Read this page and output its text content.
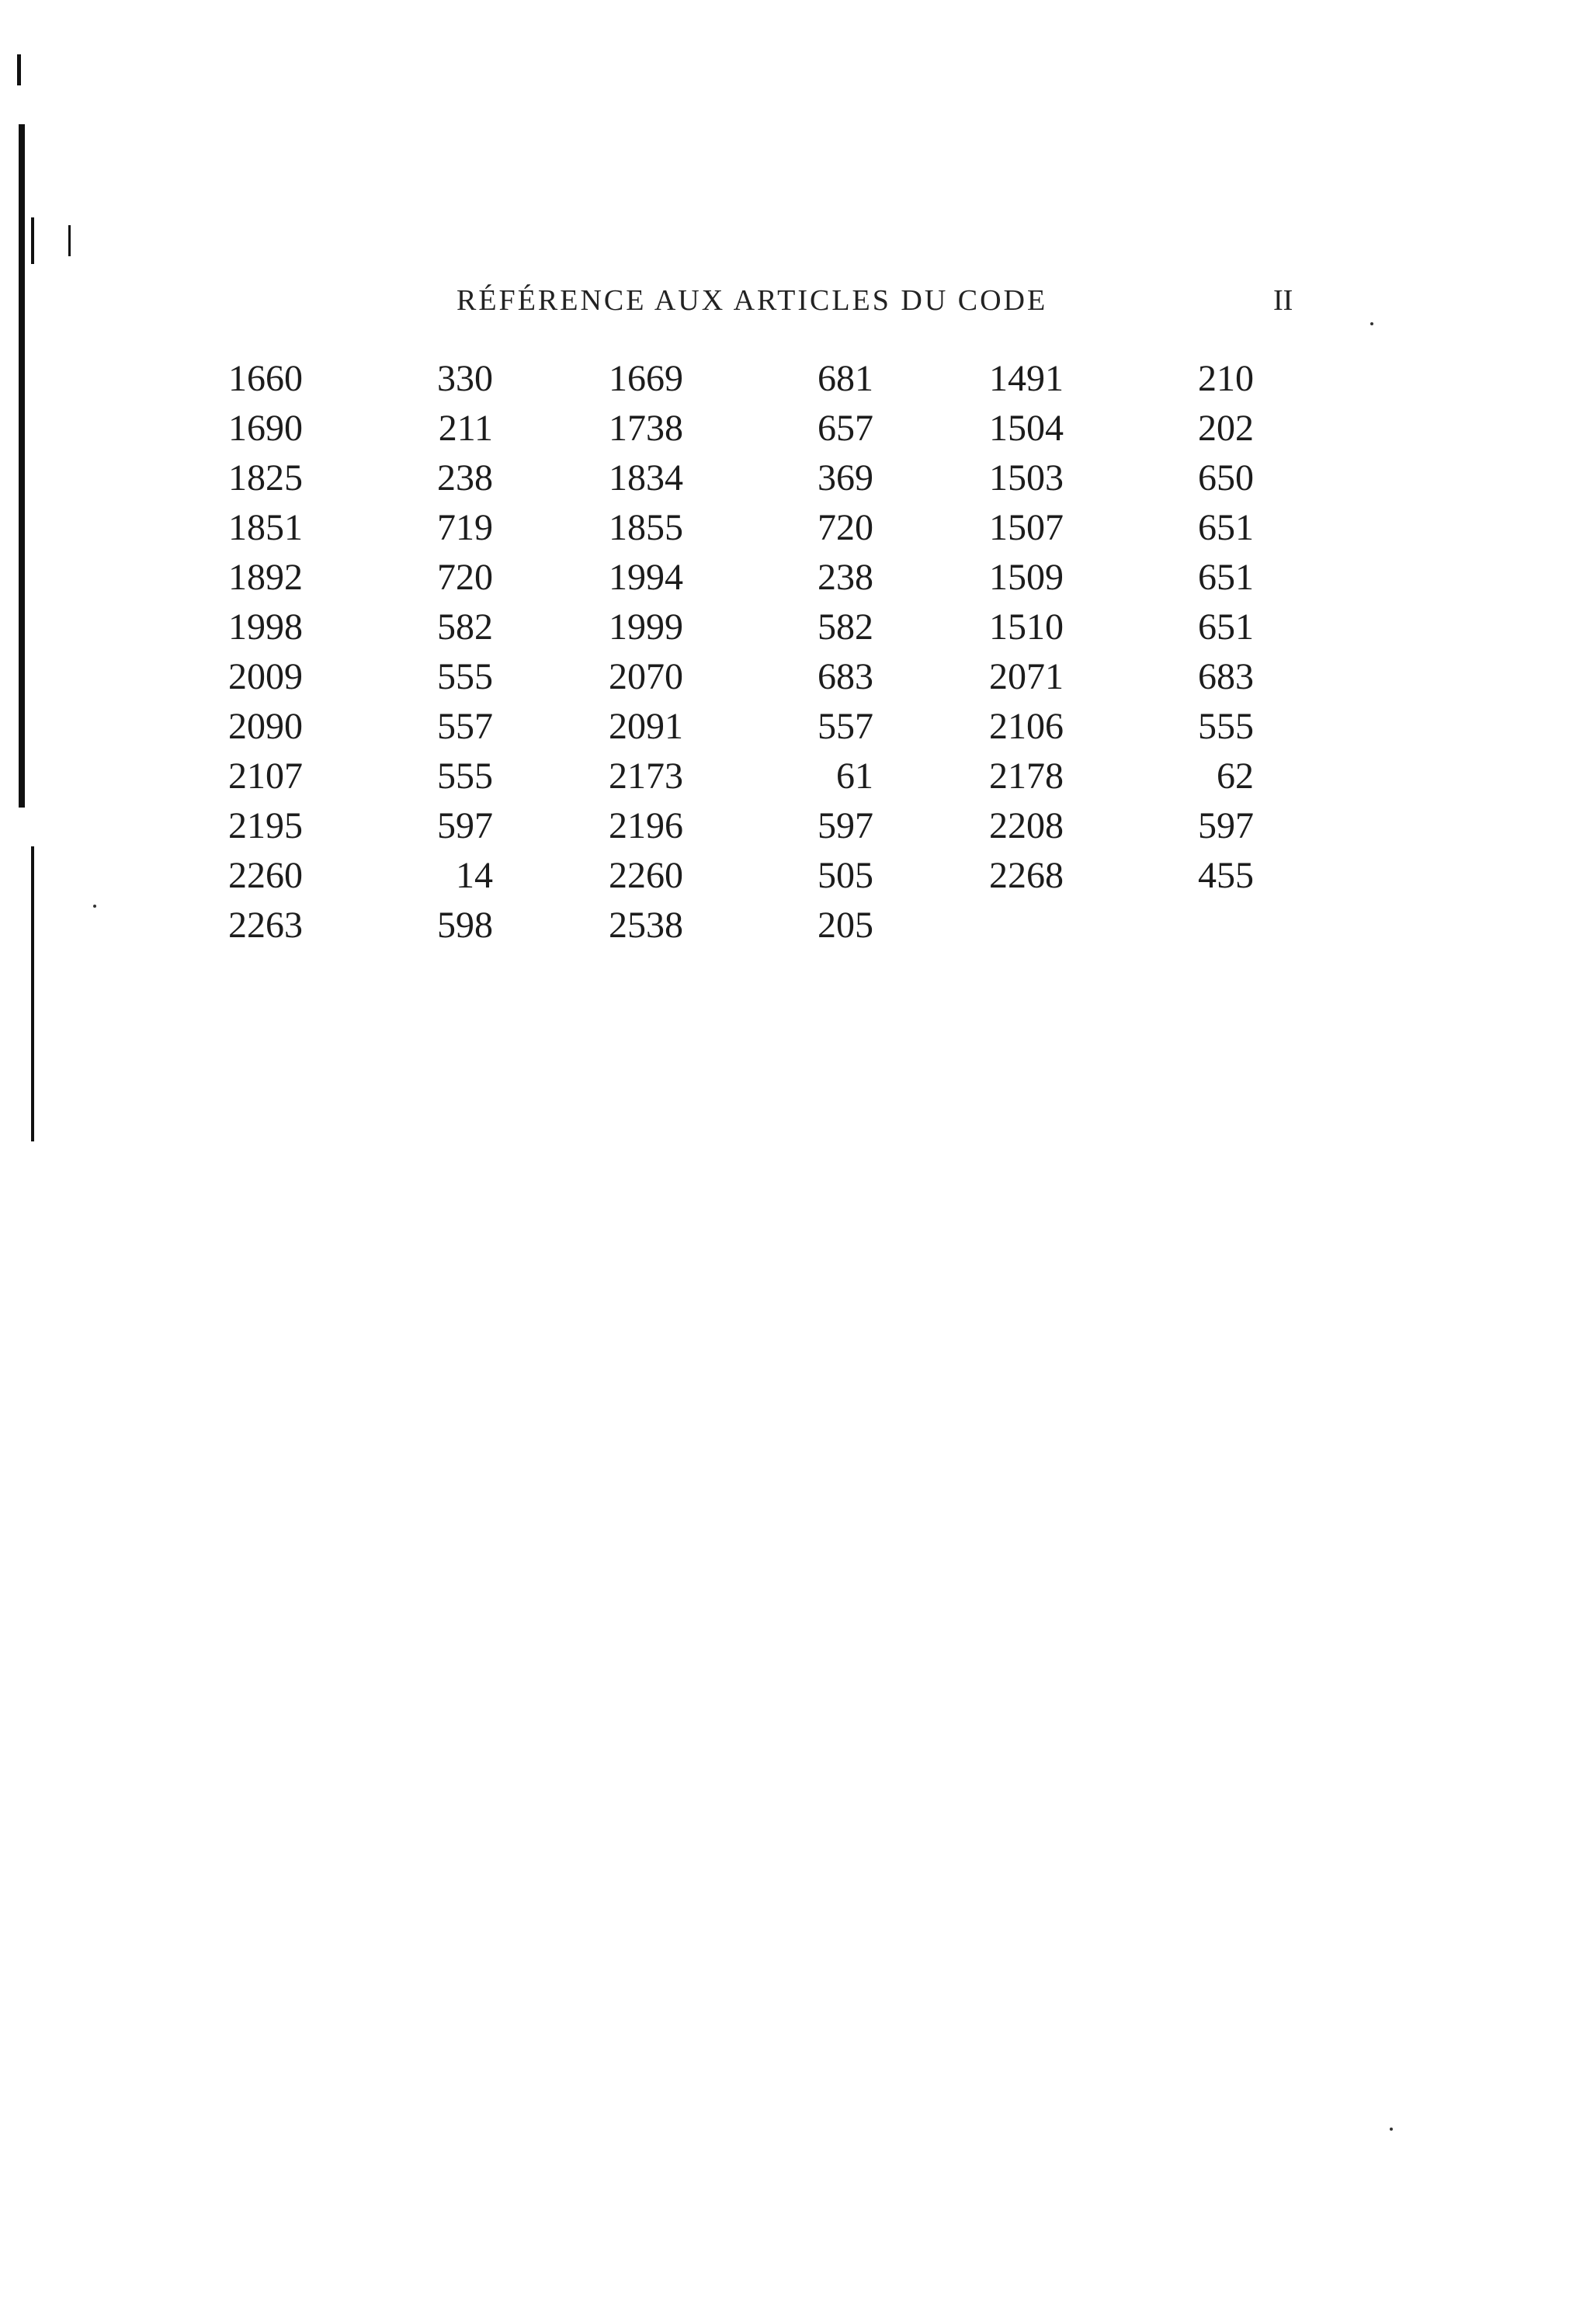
RÉFÉRENCE AUX ARTICLES DU CODE	II
1660	330	1669	681	1491	210
1690	211	1738	657	1504	202
1825	238	1834	369	1503	650
1851	719	1855	720	1507	651
1892	720	1994	238	1509	651
1998	582	1999	582	1510	651
2009	555	2070	683	2071	683
2090	557	2091	557	2106	555
2107	555	2173	61	2178	62
2195	597	2196	597	2208	597
2260	14	2260	505	2268	455
2263	598	2538	205
